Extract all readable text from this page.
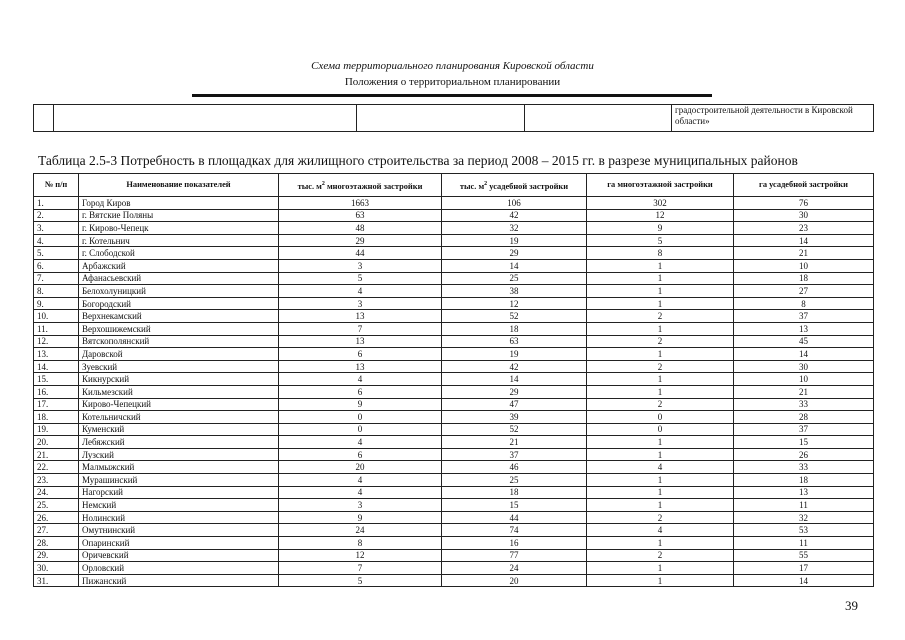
Схема территориального планирования Кировской области
Положения о территориальном планировании
				градостроительной деятельности в Кировской области»
Таблица 2.5-3 Потребность в площадках для жилищного строительства за период 2008 – 2015 гг. в разрезе муниципальных районов
№ п/п	Наименование показателей	тыс. $м^2$ многоэтажной застройки	тыс. $м^2$ усадебной застройки	га многоэтажной застройки	га усадебной застройки
1.	Город Киров	1663	106	302	76
2.	г. Вятские Поляны	63	42	12	30
3.	г. Кирово-Чепецк	48	32	9	23
4.	г. Котельнич	29	19	5	14
5.	г. Слободской	44	29	8	21
6.	Арбажский	3	14	1	10
7.	Афанасьевский	5	25	1	18
8.	Белохолуницкий	4	38	1	27
9.	Богородский	3	12	1	8
10.	Верхнекамский	13	52	2	37
11.	Верхошижемский	7	18	1	13
12.	Вятскополянский	13	63	2	45
13.	Даровской	6	19	1	14
14.	Зуевский	13	42	2	30
15.	Кикнурский	4	14	1	10
16.	Кильмезский	6	29	1	21
17.	Кирово-Чепецкий	9	47	2	33
18.	Котельничский	0	39	0	28
19.	Куменский	0	52	0	37
20.	Лебяжский	4	21	1	15
21.	Лузский	6	37	1	26
22.	Малмыжский	20	46	4	33
23.	Мурашинский	4	25	1	18
24.	Нагорский	4	18	1	13
25.	Немский	3	15	1	11
26.	Нолинский	9	44	2	32
27.	Омутнинский	24	74	4	53
28.	Опаринский	8	16	1	11
29.	Оричевский	12	77	2	55
30.	Орловский	7	24	1	17
31.	Пижанский	5	20	1	14
39
